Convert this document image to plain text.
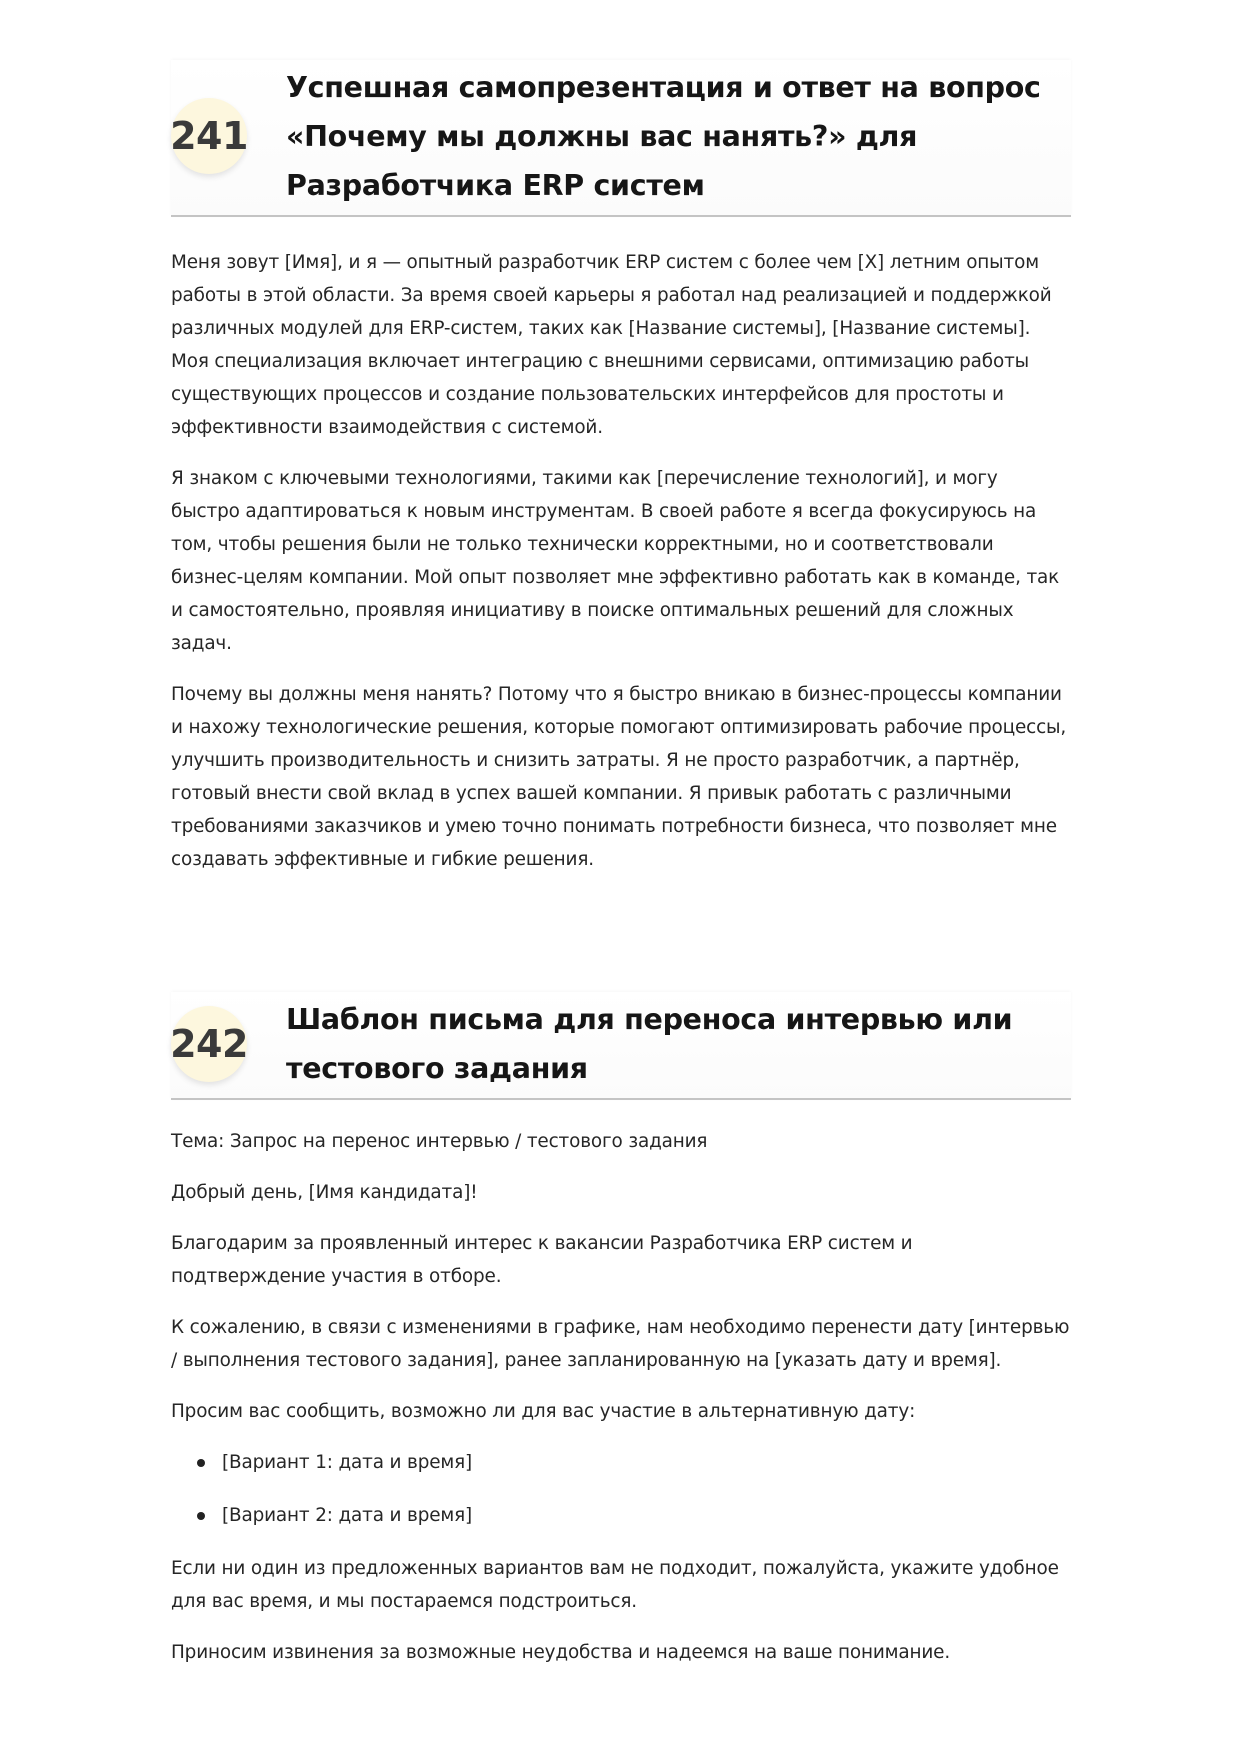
241
Успешная самопрезентация и ответ на вопрос «Почему мы должны вас нанять?» для Разработчика ERP систем

Меня зовут [Имя], и я — опытный разработчик ERP систем с более чем [X] летним опытом работы в этой области. За время своей карьеры я работал над реализацией и поддержкой различных модулей для ERP-систем, таких как [Название системы], [Название системы]. Моя специализация включает интеграцию с внешними сервисами, оптимизацию работы существующих процессов и создание пользовательских интерфейсов для простоты и эффективности взаимодействия с системой.

Я знаком с ключевыми технологиями, такими как [перечисление технологий], и могу быстро адаптироваться к новым инструментам. В своей работе я всегда фокусируюсь на том, чтобы решения были не только технически корректными, но и соответствовали бизнес-целям компании. Мой опыт позволяет мне эффективно работать как в команде, так и самостоятельно, проявляя инициативу в поиске оптимальных решений для сложных задач.

Почему вы должны меня нанять? Потому что я быстро вникаю в бизнес-процессы компании и нахожу технологические решения, которые помогают оптимизировать рабочие процессы, улучшить производительность и снизить затраты. Я не просто разработчик, а партнёр, готовый внести свой вклад в успех вашей компании. Я привык работать с различными требованиями заказчиков и умею точно понимать потребности бизнеса, что позволяет мне создавать эффективные и гибкие решения.

242
Шаблон письма для переноса интервью или тестового задания

Тема: Запрос на перенос интервью / тестового задания

Добрый день, [Имя кандидата]!

Благодарим за проявленный интерес к вакансии Разработчика ERP систем и подтверждение участия в отборе.

К сожалению, в связи с изменениями в графике, нам необходимо перенести дату [интервью / выполнения тестового задания], ранее запланированную на [указать дату и время].

Просим вас сообщить, возможно ли для вас участие в альтернативную дату:

[Вариант 1: дата и время]
[Вариант 2: дата и время]

Если ни один из предложенных вариантов вам не подходит, пожалуйста, укажите удобное для вас время, и мы постараемся подстроиться.

Приносим извинения за возможные неудобства и надеемся на ваше понимание.
